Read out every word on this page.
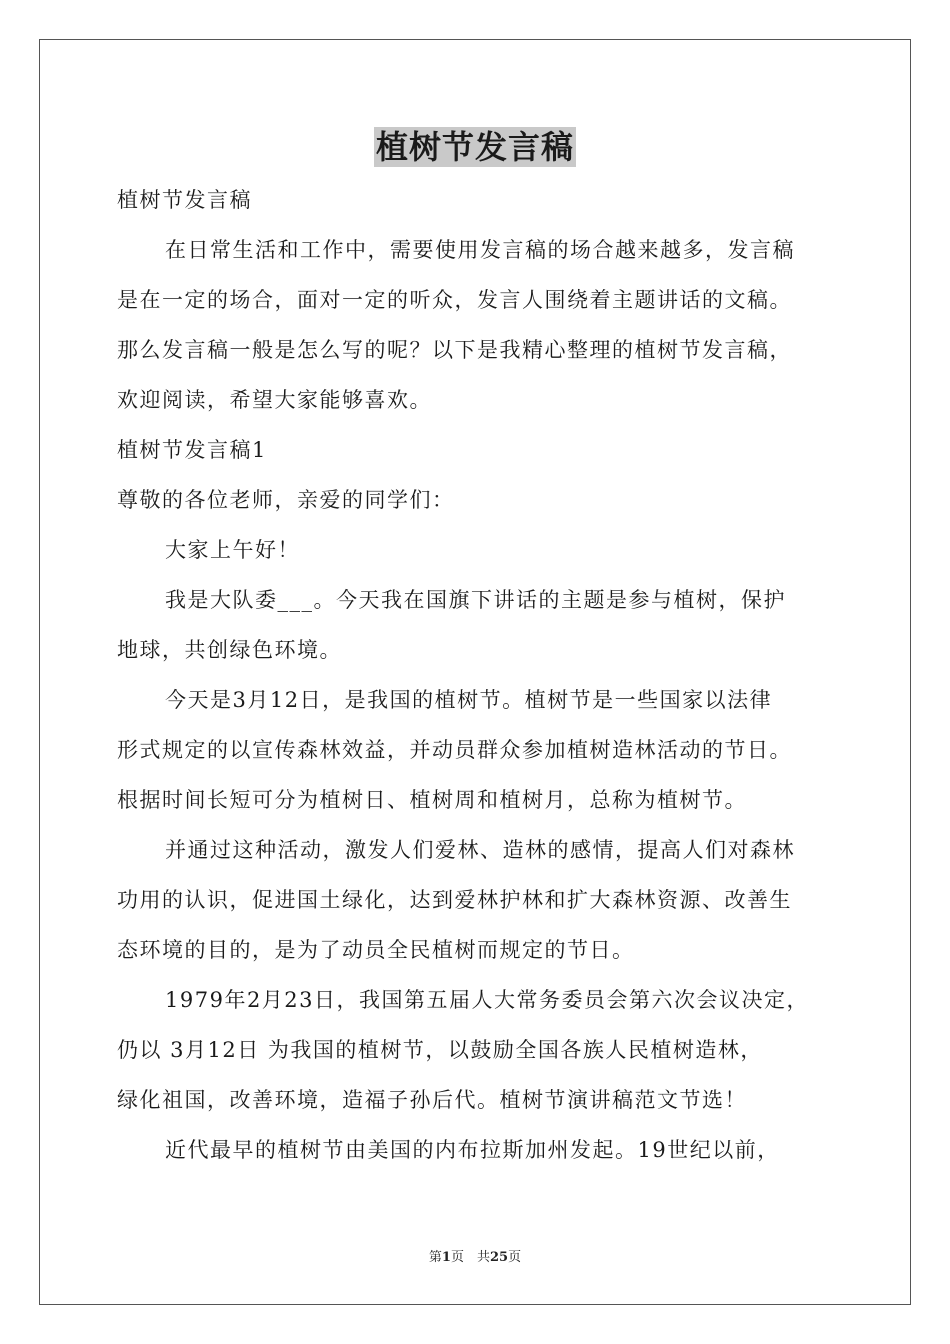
植树节发言稿
植树节发言稿
在日常生活和工作中，需要使用发言稿的场合越来越多，发言稿
是在一定的场合，面对一定的听众，发言人围绕着主题讲话的文稿。
那么发言稿一般是怎么写的呢？以下是我精心整理的植树节发言稿，
欢迎阅读，希望大家能够喜欢。
植树节发言稿1
尊敬的各位老师，亲爱的同学们：
大家上午好！
我是大队委___。今天我在国旗下讲话的主题是参与植树，保护
地球，共创绿色环境。
今天是3月12日，是我国的植树节。植树节是一些国家以法律
形式规定的以宣传森林效益，并动员群众参加植树造林活动的节日。
根据时间长短可分为植树日、植树周和植树月，总称为植树节。
并通过这种活动，激发人们爱林、造林的感情，提高人们对森林
功用的认识，促进国土绿化，达到爱林护林和扩大森林资源、改善生
态环境的目的，是为了动员全民植树而规定的节日。
1979年2月23日，我国第五届人大常务委员会第六次会议决定，
仍以 3月12日 为我国的植树节，以鼓励全国各族人民植树造林，
绿化祖国，改善环境，造福子孙后代。植树节演讲稿范文节选！
近代最早的植树节由美国的内布拉斯加州发起。19世纪以前，
第1页　共25页
